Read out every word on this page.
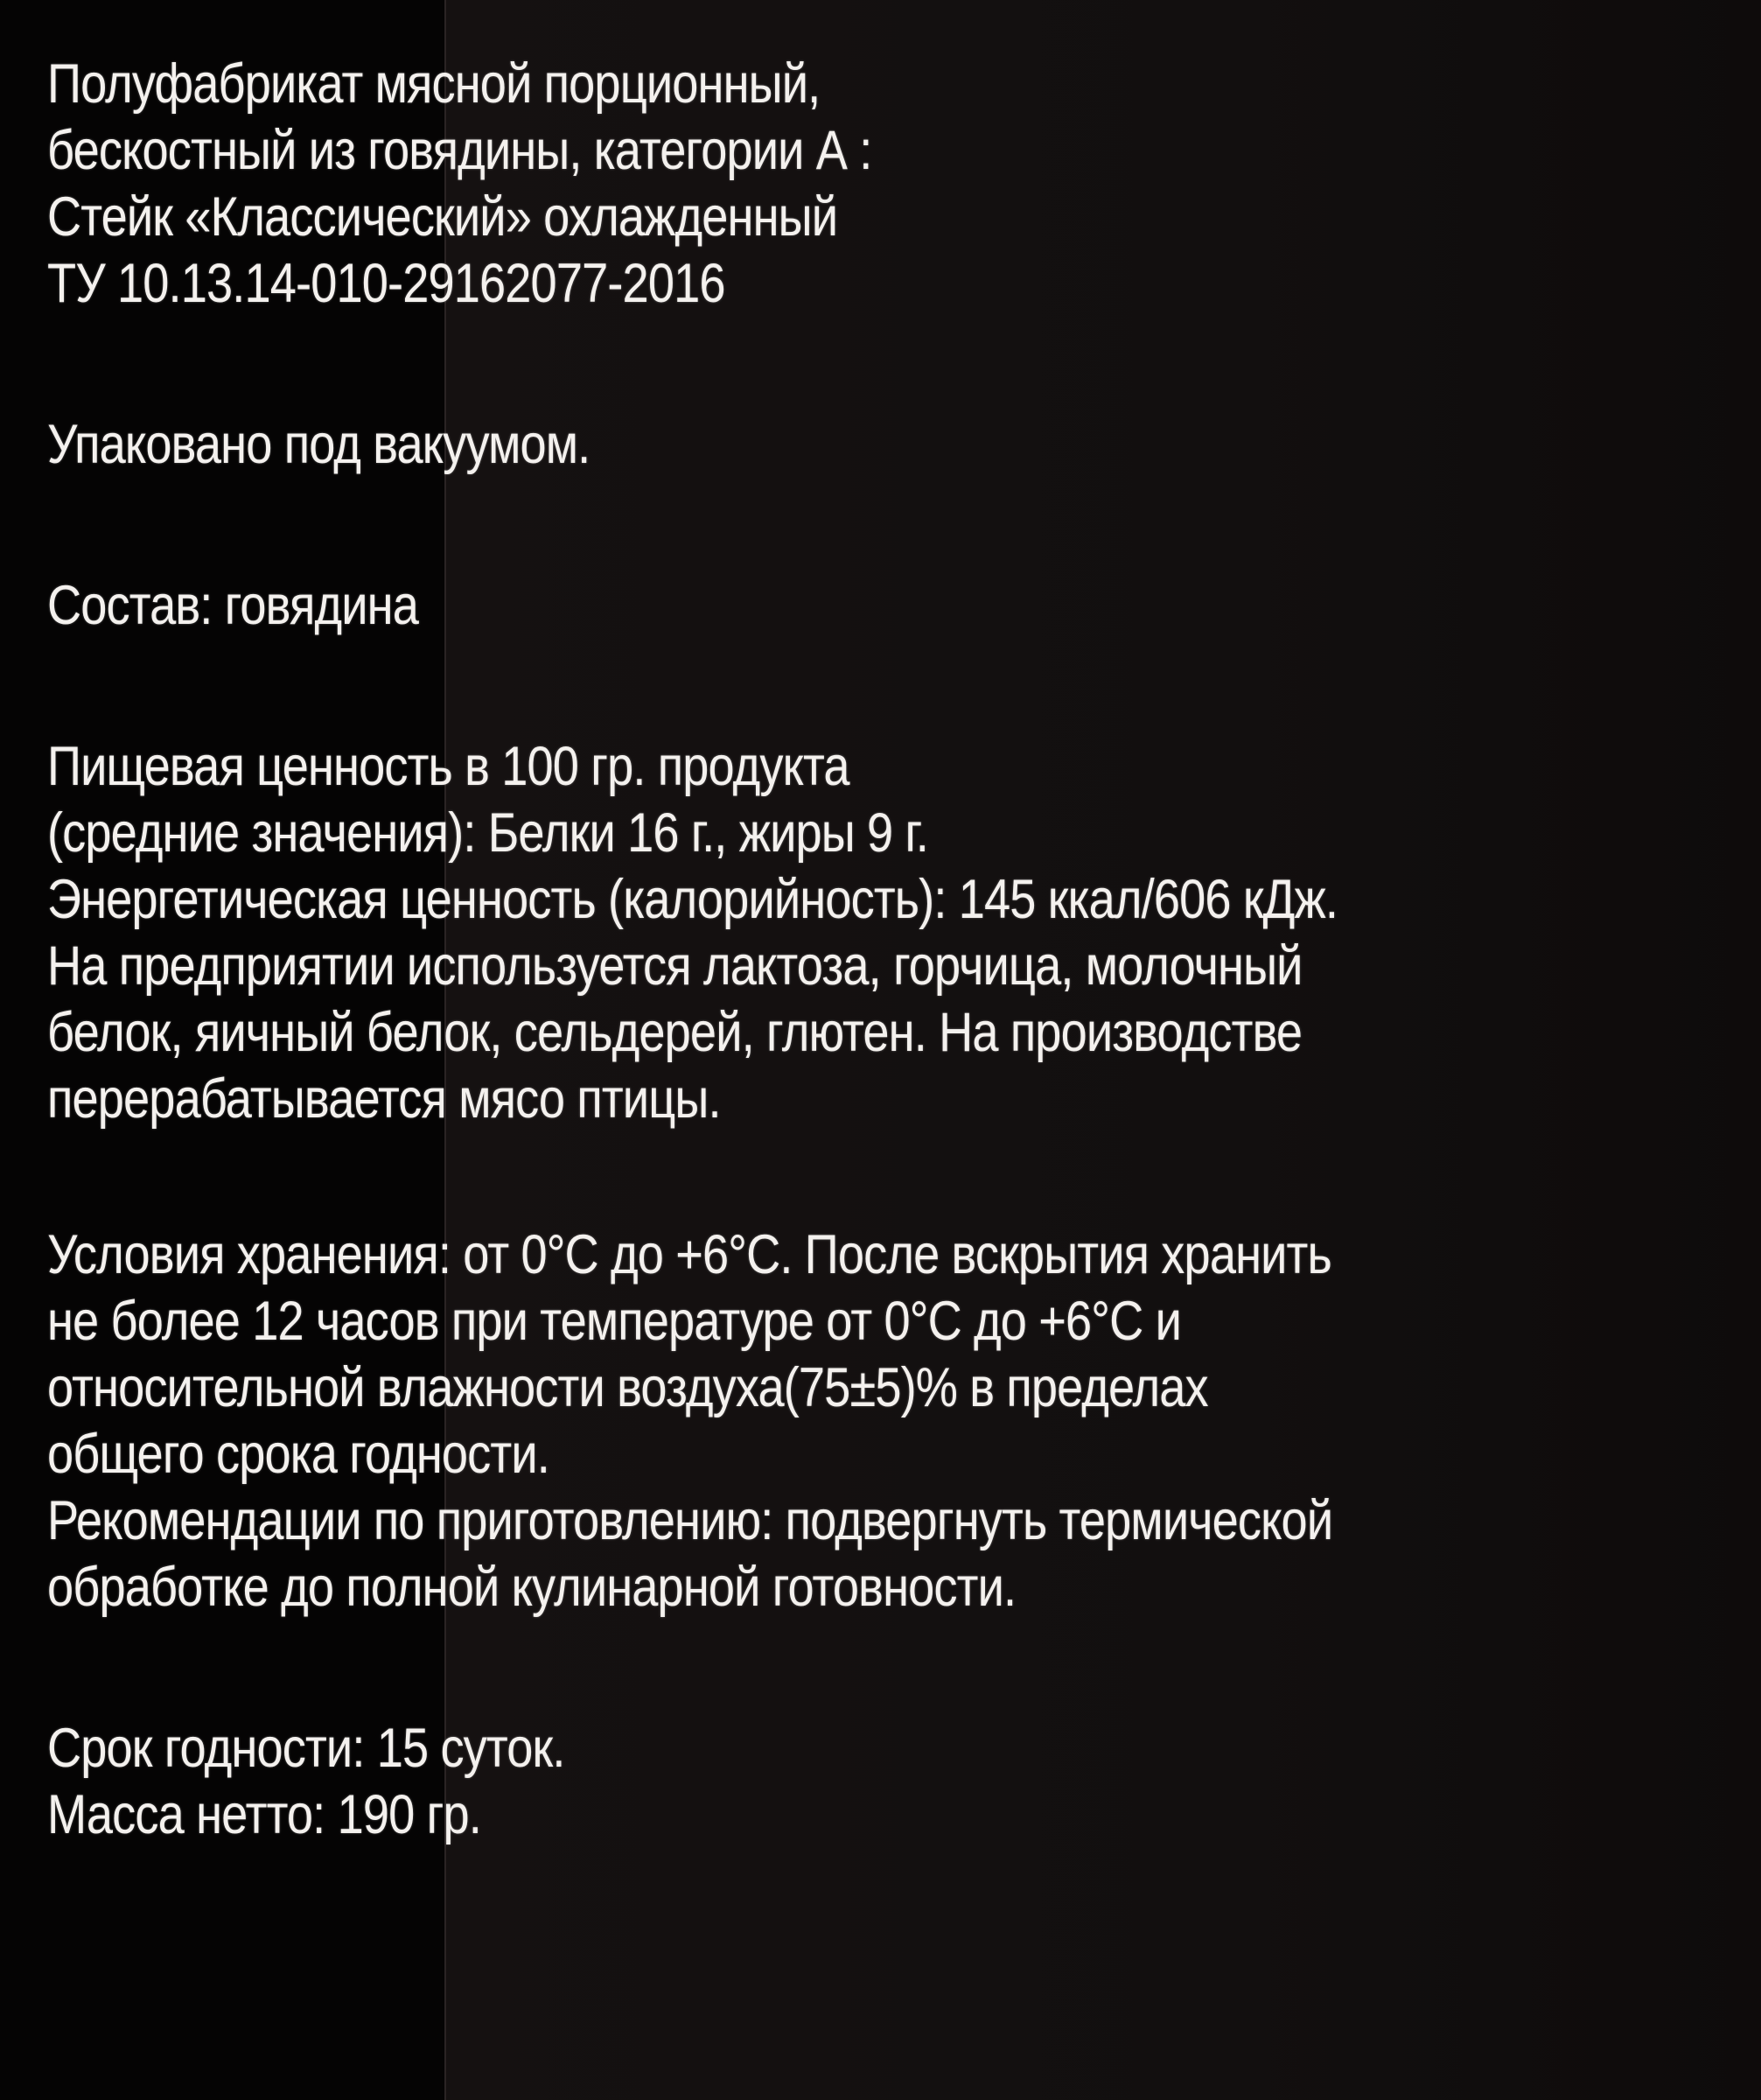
Полуфабрикат мясной порционный,
бескостный из говядины, категории А :
Стейк «Классический» охлажденный
ТУ 10.13.14-010-29162077-2016
Упаковано под вакуумом.
Состав: говядина
Пищевая ценность в 100 гр. продукта
(средние значения): Белки 16 г., жиры 9 г.
Энергетическая ценность (калорийность): 145 ккал/606 кДж.
На предприятии используется лактоза, горчица, молочный
белок, яичный белок, сельдерей, глютен. На производстве
перерабатывается мясо птицы.
Условия хранения: от 0°С до +6°С. После вскрытия хранить
не более 12 часов при температуре от 0°С до +6°С и
относительной влажности воздуха(75±5)% в пределах
общего срока годности.
Рекомендации по приготовлению: подвергнуть термической
обработке до полной кулинарной готовности.
Срок годности: 15 суток.
Масса нетто: 190 гр.
